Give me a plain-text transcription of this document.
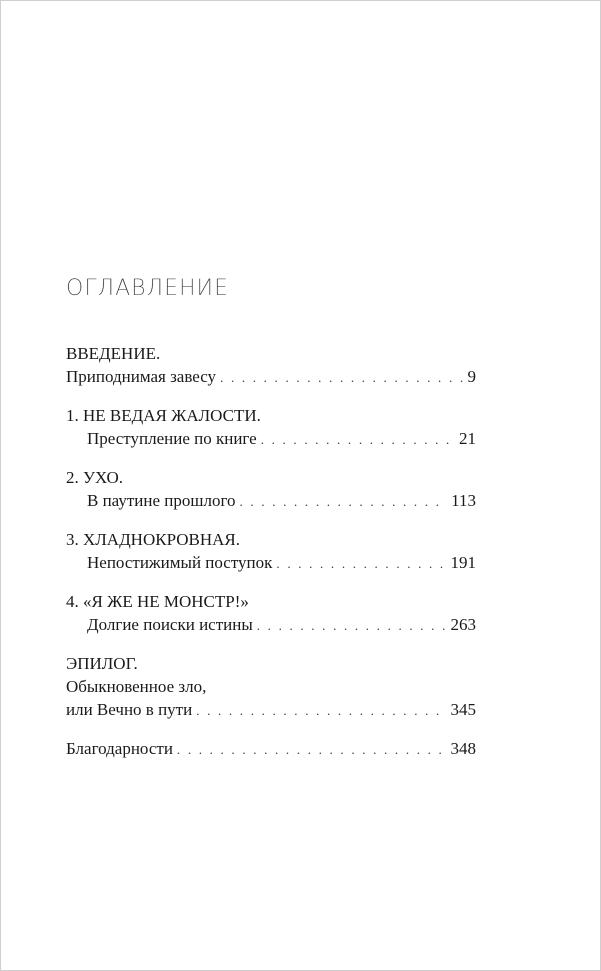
ОГЛАВЛЕНИЕ
ВВЕДЕНИЕ.
Приподнимая завесу . . .	9
1. НЕ ВЕДАЯ ЖАЛОСТИ.
Преступление по книге . . .	21
2. УХО.
В паутине прошлого . . .	113
3. ХЛАДНОКРОВНАЯ.
Непостижимый поступок . . .	191
4. «Я ЖЕ НЕ МОНСТР!»
Долгие поиски истины . . .	263
ЭПИЛОГ.
Обыкновенное зло,
или Вечно в пути . . .	345
Благодарности . . .	348
